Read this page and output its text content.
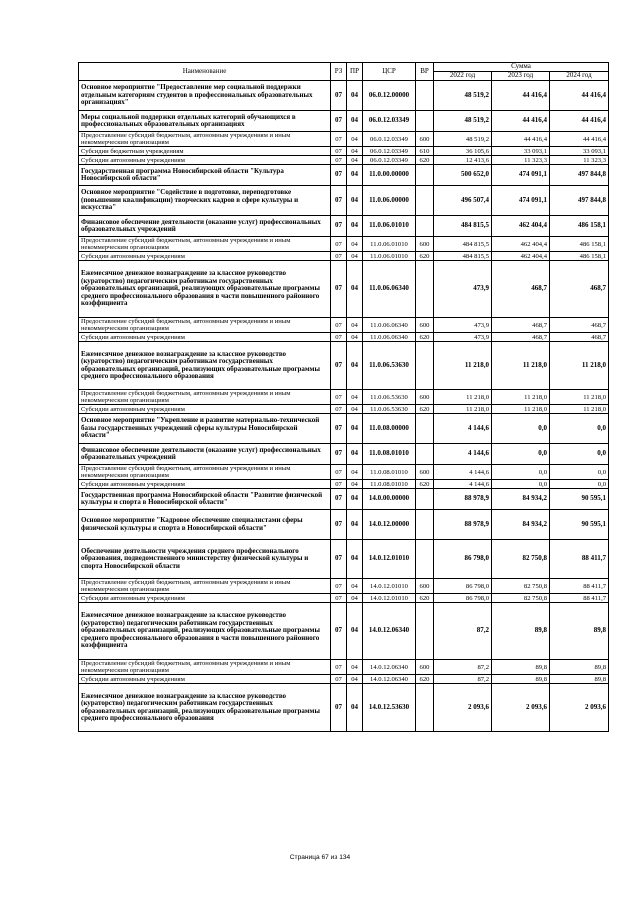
Наименование	РЗ	ПР	ЦСР	ВР	Сумма		
					2022 год	2023 год	2024 год
Основное мероприятие "Предоставление мер социальной поддержки отдельным категориям студентов в профессиональных образовательных организациях"	07	04	06.0.12.00000		48 519,2	44 416,4	44 416,4
Меры социальной поддержки отдельных категорий обучающихся в профессиональных образовательных организациях	07	04	06.0.12.03349		48 519,2	44 416,4	44 416,4
Предоставление субсидий бюджетным, автономным учреждениям и иным некоммерческим организациям	07	04	06.0.12.03349	600	48 519,2	44 416,4	44 416,4
Субсидии бюджетным учреждениям	07	04	06.0.12.03349	610	36 105,6	33 093,1	33 093,1
Субсидии автономным учреждениям	07	04	06.0.12.03349	620	12 413,6	11 323,3	11 323,3
Государственная программа Новосибирской области "Культура Новосибирской области"	07	04	11.0.00.00000		500 652,0	474 091,1	497 844,8
Основное мероприятие "Содействие в подготовке, переподготовке (повышении квалификации) творческих кадров в сфере культуры и искусства"	07	04	11.0.06.00000		496 507,4	474 091,1	497 844,8
Финансовое обеспечение деятельности (оказание услуг) профессиональных образовательных учреждений	07	04	11.0.06.01010		484 815,5	462 404,4	486 158,1
Предоставление субсидий бюджетным, автономным учреждениям и иным некоммерческим организациям	07	04	11.0.06.01010	600	484 815,5	462 404,4	486 158,1
Субсидии автономным учреждениям	07	04	11.0.06.01010	620	484 815,5	462 404,4	486 158,1
Ежемесячное денежное вознаграждение за классное руководство (кураторство) педагогическим работникам государственных образовательных организаций, реализующих образовательные программы среднего профессионального образования в части повышенного районного коэффициента	07	04	11.0.06.06340		473,9	468,7	468,7
Предоставление субсидий бюджетным, автономным учреждениям и иным некоммерческим организациям	07	04	11.0.06.06340	600	473,9	468,7	468,7
Субсидии автономным учреждениям	07	04	11.0.06.06340	620	473,9	468,7	468,7
Ежемесячное денежное вознаграждение за классное руководство (кураторство) педагогическим работникам государственных образовательных организаций, реализующих образовательные программы среднего профессионального образования	07	04	11.0.06.53630		11 218,0	11 218,0	11 218,0
Предоставление субсидий бюджетным, автономным учреждениям и иным некоммерческим организациям	07	04	11.0.06.53630	600	11 218,0	11 218,0	11 218,0
Субсидии автономным учреждениям	07	04	11.0.06.53630	620	11 218,0	11 218,0	11 218,0
Основное мероприятие "Укрепление и развитие материально-технической базы государственных учреждений сферы культуры Новосибирской области"	07	04	11.0.08.00000		4 144,6	0,0	0,0
Финансовое обеспечение деятельности (оказание услуг) профессиональных образовательных учреждений	07	04	11.0.08.01010		4 144,6	0,0	0,0
Предоставление субсидий бюджетным, автономным учреждениям и иным некоммерческим организациям	07	04	11.0.08.01010	600	4 144,6	0,0	0,0
Субсидии автономным учреждениям	07	04	11.0.08.01010	620	4 144,6	0,0	0,0
Государственная программа Новосибирской области "Развитие физической культуры и спорта в Новосибирской области"	07	04	14.0.00.00000		88 978,9	84 934,2	90 595,1
Основное мероприятие "Кадровое обеспечение специалистами сферы физической культуры и спорта в Новосибирской области"	07	04	14.0.12.00000		88 978,9	84 934,2	90 595,1
Обеспечение деятельности учреждения среднего профессионального образования, подведомственного министерству физической культуры и спорта Новосибирской области	07	04	14.0.12.01010		86 798,0	82 750,8	88 411,7
Предоставление субсидий бюджетным, автономным учреждениям и иным некоммерческим организациям	07	04	14.0.12.01010	600	86 798,0	82 750,8	88 411,7
Субсидии автономным учреждениям	07	04	14.0.12.01010	620	86 798,0	82 750,8	88 411,7
Ежемесячное денежное вознаграждение за классное руководство (кураторство) педагогическим работникам государственных образовательных организаций, реализующих образовательные программы среднего профессионального образования в части повышенного районного коэффициента	07	04	14.0.12.06340		87,2	89,8	89,8
Предоставление субсидий бюджетным, автономным учреждениям и иным некоммерческим организациям	07	04	14.0.12.06340	600	87,2	89,8	89,8
Субсидии автономным учреждениям	07	04	14.0.12.06340	620	87,2	89,8	89,8
Ежемесячное денежное вознаграждение за классное руководство (кураторство) педагогическим работникам государственных образовательных организаций, реализующих образовательные программы среднего профессионального образования	07	04	14.0.12.53630		2 093,6	2 093,6	2 093,6
Страница 67 из 134
